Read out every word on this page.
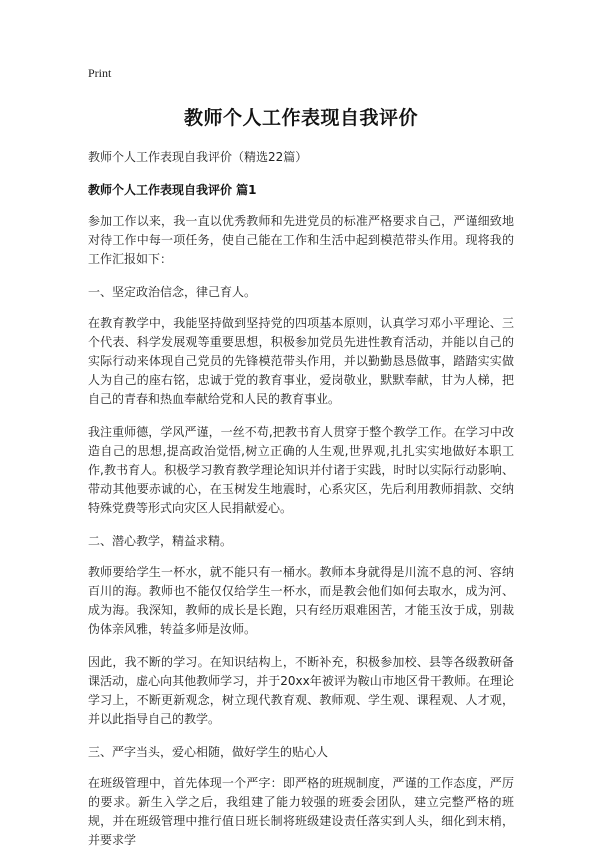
Print
教师个人工作表现自我评价
教师个人工作表现自我评价（精选22篇）
教师个人工作表现自我评价 篇1

参加工作以来，我一直以优秀教师和先进党员的标准严格要求自己，严谨细致地对待工作中每一项任务，使自己能在工作和生活中起到模范带头作用。现将我的工作汇报如下：

一、坚定政治信念，律己育人。

在教育教学中，我能坚持做到坚持党的四项基本原则，认真学习邓小平理论、三个代表、科学发展观等重要思想，积极参加党员先进性教育活动，并能以自己的实际行动来体现自己党员的先锋模范带头作用，并以勤勤恳恳做事，踏踏实实做人为自己的座右铭，忠诚于党的教育事业，爱岗敬业，默默奉献，甘为人梯，把自己的青春和热血奉献给党和人民的教育事业。

我注重师德，学风严谨，一丝不苟,把教书育人贯穿于整个教学工作。在学习中改造自己的思想,提高政治觉悟,树立正确的人生观,世界观,扎扎实实地做好本职工作,教书育人。积极学习教育教学理论知识并付诸于实践，时时以实际行动影响、带动其他要赤诚的心，在玉树发生地震时，心系灾区，先后利用教师捐款、交纳特殊党费等形式向灾区人民捐献爱心。

二、潜心教学，精益求精。

教师要给学生一杯水，就不能只有一桶水。教师本身就得是川流不息的河、容纳百川的海。教师也不能仅仅给学生一杯水，而是教会他们如何去取水，成为河、成为海。我深知，教师的成长是长跑，只有经历艰难困苦，才能玉汝于成，别裁伪体亲风雅，转益多师是汝师。

因此，我不断的学习。在知识结构上，不断补充，积极参加校、县等各级教研备课活动，虚心向其他教师学习，并于20xx年被评为鞍山市地区骨干教师。在理论学习上，不断更新观念，树立现代教育观、教师观、学生观、课程观、人才观，并以此指导自己的教学。

三、严字当头，爱心相随，做好学生的贴心人

在班级管理中，首先体现一个严字：即严格的班规制度，严谨的工作态度，严厉的要求。新生入学之后，我组建了能力较强的班委会团队，建立完整严格的班规，并在班级管理中推行值日班长制将班级建设责任落实到人头，细化到末梢，并要求学
